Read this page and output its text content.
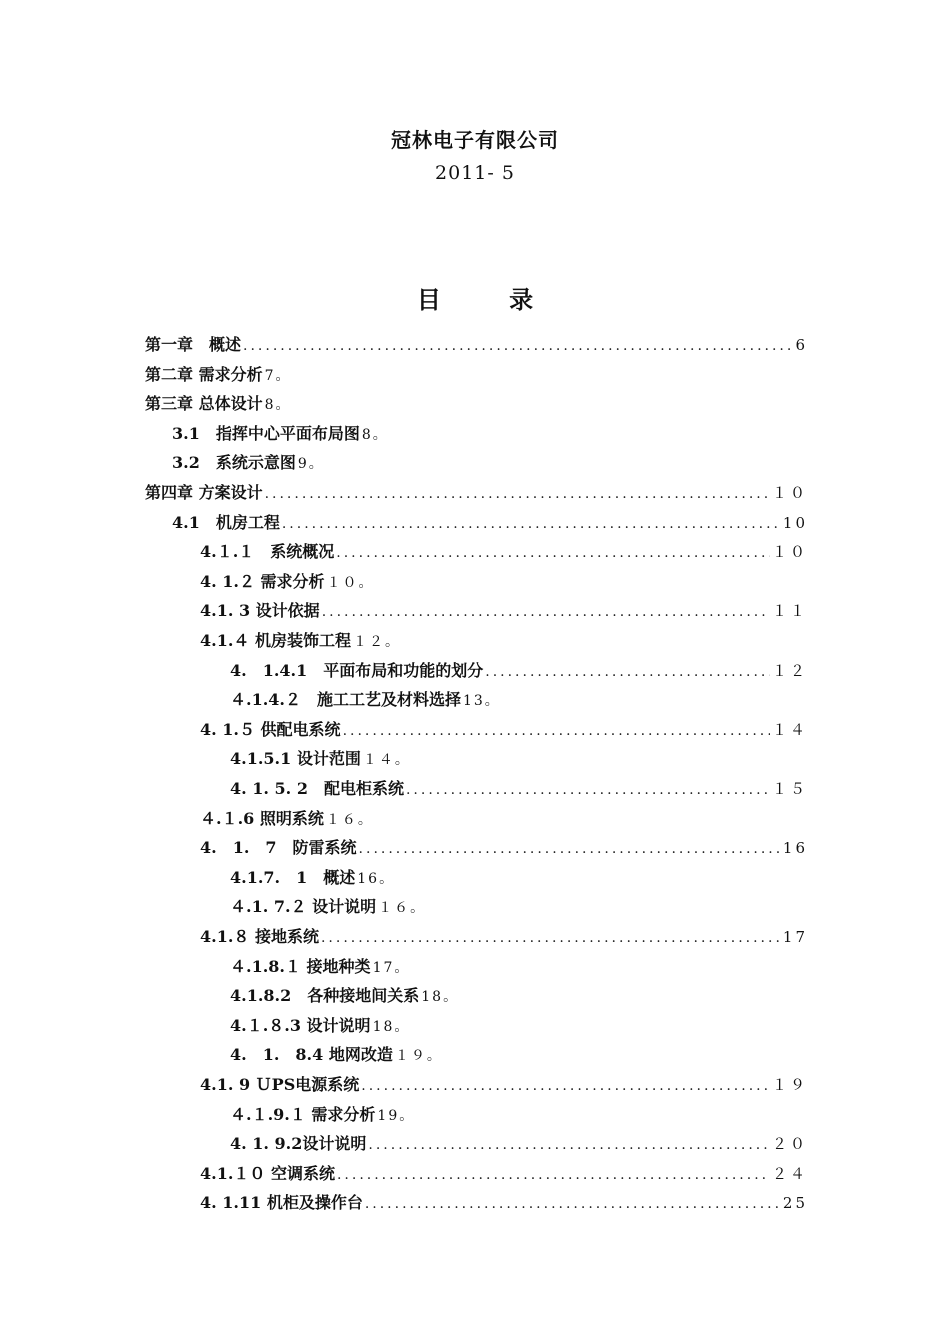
冠林电子有限公司
2011- 5
目 录
第一章　概述 .....	6
第二章 需求分析 7。
第三章 总体设计 8。
3.1　指挥中心平面布局图 8。
3.2　系统示意图 9。
第四章 方案设计 .....	１０
4.1　机房工程 .....	10
4.１.１　系统概况 .....	１０
4. 1.２ 需求分析 １０。
4.1. 3 设计依据 .....	１１
4.1.４ 机房装饰工程 １２。
4.　1.4.1　平面布局和功能的划分 .....	１２
４.1.4.２　施工工艺及材料选择 13。
4. 1.５ 供配电系统 .....	１４
4.1.5.1 设计范围 １４。
4. 1. 5. 2　配电柜系统 .....	１５
４.１.6 照明系统 １６。
4.　1.　7　防雷系统 .....	16
4.1.7.　1　概述 16。
４.1. 7.２ 设计说明 １６。
4.1.８ 接地系统 .....	17
４.1.8.１ 接地种类 17。
4.1.8.2　各种接地间关系 18。
4.１.８.3 设计说明 18。
4.　1.　8.4 地网改造 １９。
4.1. 9 ＵPS电源系统 .....	１９
４.１.9.１ 需求分析 19。
4. 1. 9.2设计说明 .....	２０
4.1.１０ 空调系统 .....	２４
4. 1.11 机柜及操作台 .....	25
